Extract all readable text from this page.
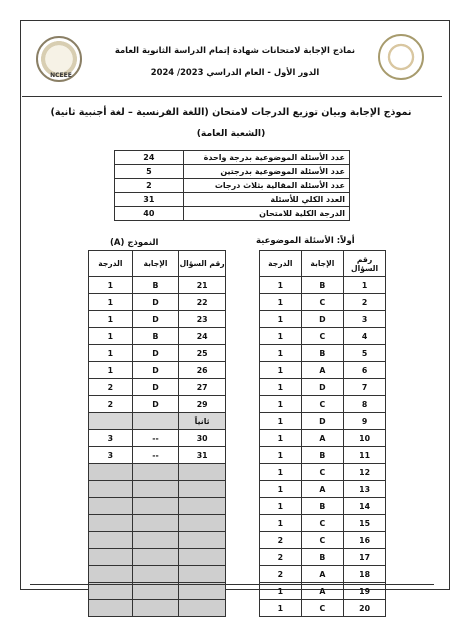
NCEEE
نماذج الإجابة لامتحانات شهادة إتمام الدراسة الثانوية العامة
الدور الأول - العام الدراسي 2023/ 2024
نموذج الإجابة وبيان توزيع الدرجات لامتحان (اللغة الفرنسية – لغة أجنبية ثانية)
(الشعبة العامة)
24	عدد الأسئلة الموضوعية بدرجة واحدة
5	عدد الأسئلة الموضوعية بدرجتين
2	عدد الأسئلة المقالية بثلاث درجات
31	العدد الكلي للأسئلة
40	الدرجة الكلية للامتحان
النموذج (A)	أولاً: الأسئلة الموضوعية
الدرجة	الإجابة	رقم السؤال
1	B	21
1	D	22
1	D	23
1	B	24
1	D	25
1	D	26
2	D	27
2	D	29
		ثانياً
3	--	30
3	--	31

الدرجة	الإجابة	رقم السؤال
1	B	1
1	C	2
1	D	3
1	C	4
1	B	5
1	A	6
1	D	7
1	C	8
1	D	9
1	A	10
1	B	11
1	C	12
1	A	13
1	B	14
1	C	15
2	C	16
2	B	17
2	A	18
1	A	19
1	C	20
